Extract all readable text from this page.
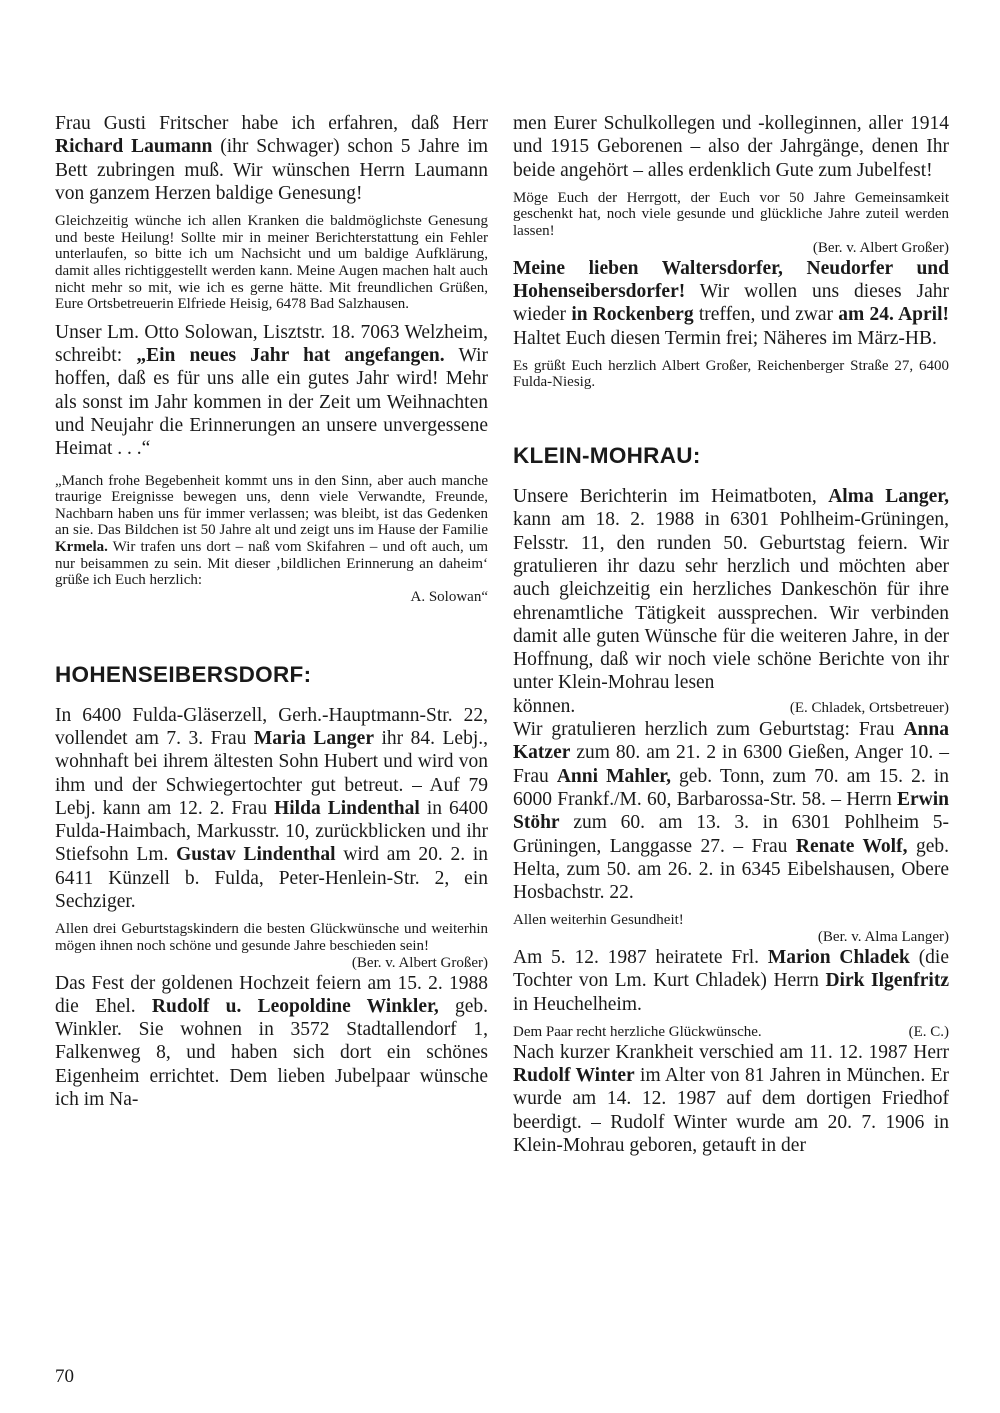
Frau Gusti Fritscher habe ich erfahren, daß Herr Richard Laumann (ihr Schwager) schon 5 Jahre im Bett zubringen muß. Wir wünschen Herrn Laumann von ganzem Herzen baldige Genesung!

Gleichzeitig wünche ich allen Kranken die baldmöglichste Genesung und beste Heilung! Sollte mir in meiner Berichterstattung ein Fehler unterlaufen, so bitte ich um Nachsicht und um baldige Aufklärung, damit alles richtiggestellt werden kann. Meine Augen machen halt auch nicht mehr so mit, wie ich es gerne hätte. Mit freundlichen Grüßen, Eure Ortsbetreuerin Elfriede Heisig, 6478 Bad Salzhausen.

Unser Lm. Otto Solowan, Lisztstr. 18. 7063 Welzheim, schreibt: „Ein neues Jahr hat angefangen. Wir hoffen, daß es für uns alle ein gutes Jahr wird! Mehr als sonst im Jahr kommen in der Zeit um Weihnachten und Neujahr die Erinnerungen an unsere unvergessene Heimat . . .“

„Manch frohe Begebenheit kommt uns in den Sinn, aber auch manche traurige Ereignisse bewegen uns, denn viele Verwandte, Freunde, Nachbarn haben uns für immer verlassen; was bleibt, ist das Gedenken an sie. Das Bildchen ist 50 Jahre alt und zeigt uns im Hause der Familie Krmela. Wir trafen uns dort – naß vom Skifahren – und oft auch, um nur beisammen zu sein. Mit dieser ‚bildlichen Erinnerung an daheim‘ grüße ich Euch herzlich:

A. Solowan“

HOHENSEIBERSDORF:

In 6400 Fulda-Gläserzell, Gerh.-Hauptmann-Str. 22, vollendet am 7. 3. Frau Maria Langer ihr 84. Lebj., wohnhaft bei ihrem ältesten Sohn Hubert und wird von ihm und der Schwiegertochter gut betreut. – Auf 79 Lebj. kann am 12. 2. Frau Hilda Lindenthal in 6400 Fulda-Haimbach, Markusstr. 10, zurückblicken und ihr Stiefsohn Lm. Gustav Lindenthal wird am 20. 2. in 6411 Künzell b. Fulda, Peter-Henlein-Str. 2, ein Sechziger.

Allen drei Geburtstagskindern die besten Glückwünsche und weiterhin mögen ihnen noch schöne und gesunde Jahre beschieden sein!

(Ber. v. Albert Großer)

Das Fest der goldenen Hochzeit feiern am 15. 2. 1988 die Ehel. Rudolf u. Leopoldine Winkler, geb. Winkler. Sie wohnen in 3572 Stadtallendorf 1, Falkenweg 8, und haben sich dort ein schönes Eigenheim errichtet. Dem lieben Jubelpaar wünsche ich im Na-

men Eurer Schulkollegen und -kolleginnen, aller 1914 und 1915 Geborenen – also der Jahrgänge, denen Ihr beide angehört – alles erdenklich Gute zum Jubelfest!

Möge Euch der Herrgott, der Euch vor 50 Jahre Gemeinsamkeit geschenkt hat, noch viele gesunde und glückliche Jahre zuteil werden lassen!

(Ber. v. Albert Großer)

Meine lieben Waltersdorfer, Neudorfer und Hohenseibersdorfer! Wir wollen uns dieses Jahr wieder in Rockenberg treffen, und zwar am 24. April! Haltet Euch diesen Termin frei; Näheres im März-HB.

Es grüßt Euch herzlich Albert Großer, Reichenberger Straße 27, 6400 Fulda-Niesig.

KLEIN-MOHRAU:

Unsere Berichterin im Heimatboten, Alma Langer, kann am 18. 2. 1988 in 6301 Pohlheim-Grüningen, Felsstr. 11, den runden 50. Geburtstag feiern. Wir gratulieren ihr dazu sehr herzlich und möchten aber auch gleichzeitig ein herzliches Dankeschön für ihre ehrenamtliche Tätigkeit aussprechen. Wir verbinden damit alle guten Wünsche für die weiteren Jahre, in der Hoffnung, daß wir noch viele schöne Berichte von ihr unter Klein-Mohrau lesen

können.	(E. Chladek, Ortsbetreuer)

Wir gratulieren herzlich zum Geburtstag: Frau Anna Katzer zum 80. am 21. 2 in 6300 Gießen, Anger 10. – Frau Anni Mahler, geb. Tonn, zum 70. am 15. 2. in 6000 Frankf./M. 60, Barbarossa-Str. 58. – Herrn Erwin Stöhr zum 60. am 13. 3. in 6301 Pohlheim 5-Grüningen, Langgasse 27. – Frau Renate Wolf, geb. Helta, zum 50. am 26. 2. in 6345 Eibelshausen, Obere Hosbachstr. 22.

Allen weiterhin Gesundheit!

(Ber. v. Alma Langer)

Am 5. 12. 1987 heiratete Frl. Marion Chladek (die Tochter von Lm. Kurt Chladek) Herrn Dirk Ilgenfritz in Heuchelheim.

Dem Paar recht herzliche Glückwünsche.	(E. C.)

Nach kurzer Krankheit verschied am 11. 12. 1987 Herr Rudolf Winter im Alter von 81 Jahren in München. Er wurde am 14. 12. 1987 auf dem dortigen Friedhof beerdigt. – Rudolf Winter wurde am 20. 7. 1906 in Klein-Mohrau geboren, getauft in der

70
